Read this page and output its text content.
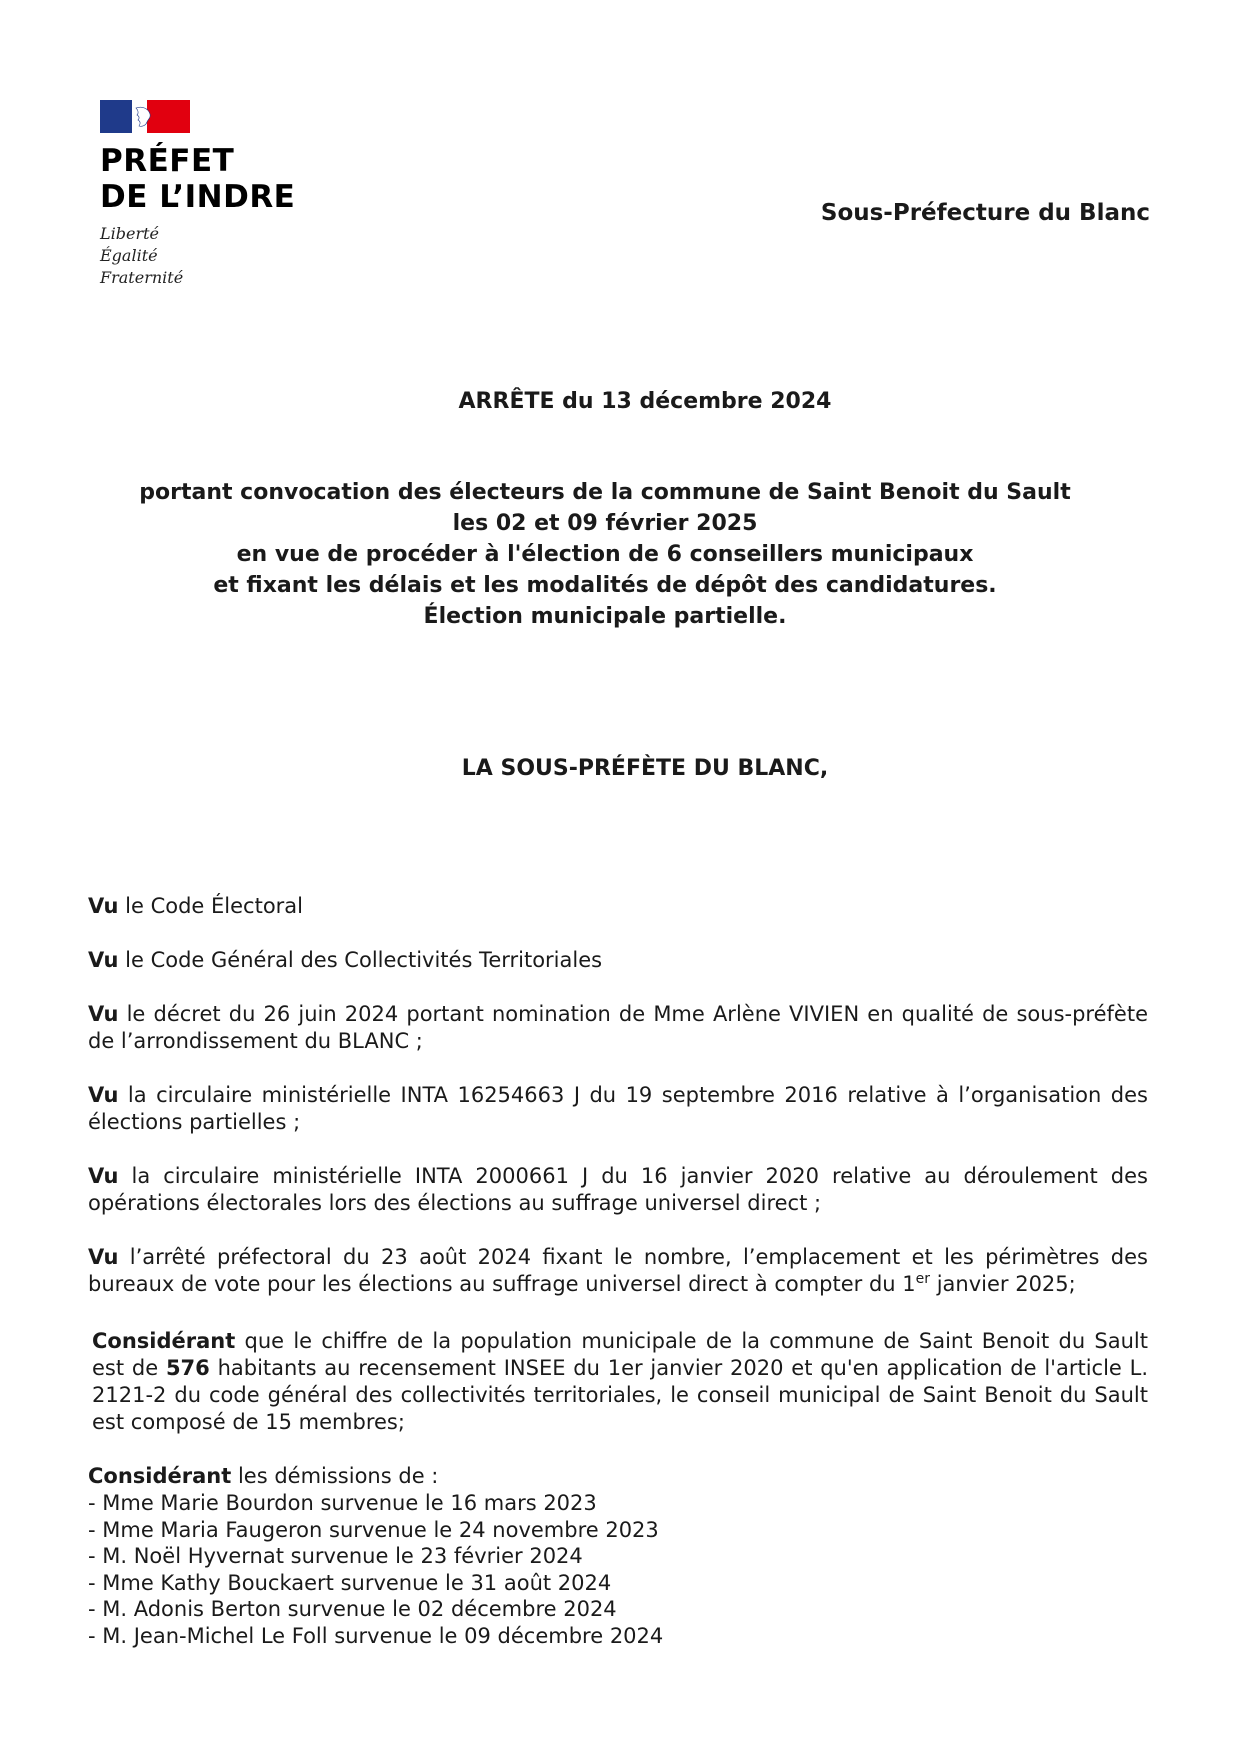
PRÉFET
DE L’INDRE
Liberté
Égalité
Fraternité
Sous-Préfecture du Blanc
ARRÊTE du 13 décembre 2024
portant convocation des électeurs de la commune de Saint Benoit du Sault
les 02 et 09 février 2025
en vue de procéder à l'élection de 6 conseillers municipaux
et fixant les délais et les modalités de dépôt des candidatures.
Élection municipale partielle.
LA SOUS-PRÉFÈTE DU BLANC,

Vu le Code Électoral

Vu le Code Général des Collectivités Territoriales

Vu le décret du 26 juin 2024 portant nomination de Mme Arlène VIVIEN en qualité de sous-préfète de l’arrondissement du BLANC ;

Vu la circulaire ministérielle INTA 16254663 J du 19 septembre 2016 relative à l’organisation des élections partielles ;

Vu la circulaire ministérielle INTA 2000661 J du 16 janvier 2020 relative au déroulement des opérations électorales lors des élections au suffrage universel direct ;

Vu l’arrêté préfectoral du 23 août 2024 fixant le nombre, l’emplacement et les périmètres des bureaux de vote pour les élections au suffrage universel direct à compter du 1er janvier 2025;

Considérant que le chiffre de la population municipale de la commune de Saint Benoit du Sault est de 576 habitants au recensement INSEE du 1er janvier 2020 et qu'en application de l'article L. 2121-2 du code général des collectivités territoriales, le conseil municipal de Saint Benoit du Sault est composé de 15 membres;

Considérant les démissions de :
- Mme Marie Bourdon survenue le 16 mars 2023
- Mme Maria Faugeron survenue le 24 novembre 2023
- M. Noël Hyvernat survenue le 23 février 2024
- Mme Kathy Bouckaert survenue le 31 août 2024
- M. Adonis Berton survenue le 02 décembre 2024
- M. Jean-Michel Le Foll survenue le 09 décembre 2024
